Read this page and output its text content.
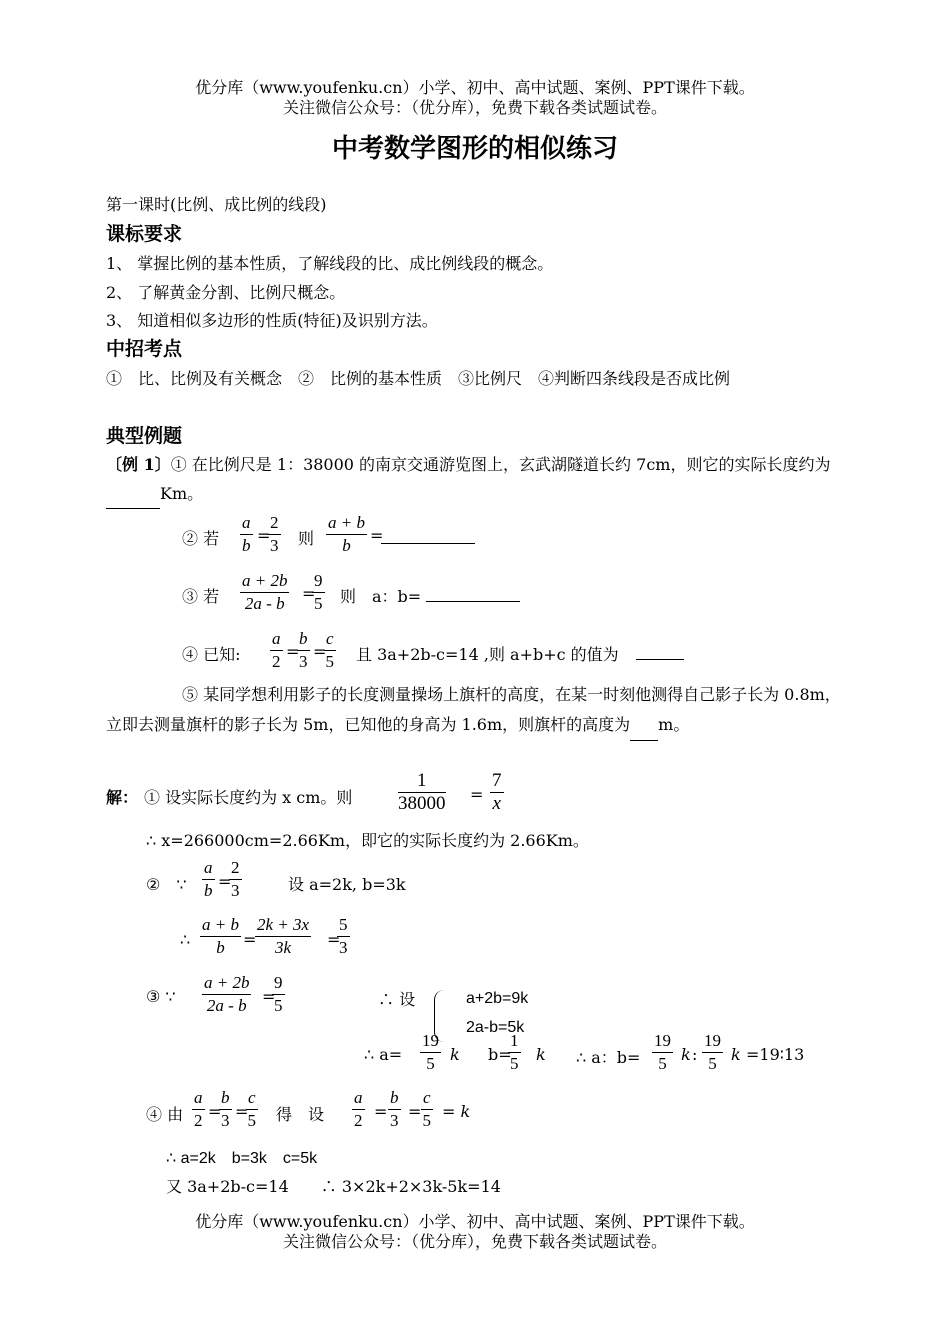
优分库（www.youfenku.cn）小学、初中、高中试题、案例、PPT课件下载。
关注微信公众号：（优分库），免费下载各类试题试卷。
中考数学图形的相似练习
第一课时(比例、成比例的线段)
课标要求
1、 掌握比例的基本性质，了解线段的比、成比例线段的概念。
2、 了解黄金分割、比例尺概念。
3、 知道相似多边形的性质(特征)及识别方法。
中招考点
①　比、比例及有关概念　②　比例的基本性质　③比例尺　④判断四条线段是否成比例
典型例题
〔例 1〕① 在比例尺是 1：38000 的南京交通游览图上，玄武湖隧道长约 7cm，则它的实际长度约为 Km。
② 若 $\frac{a}{b}$ =
$\frac{2}{3}$ 则 $\frac{a + b}{b}$ =

③ 若 $\frac{a + 2b}{2a - b}$ =
$\frac{9}{5}$ 则　a：b=

④ 已知: $\frac{a}{2}$ =
$\frac{b}{3}$ =
$\frac{c}{5}$ 且 3a+2b-c=14 ,则 a+b+c 的值为

⑤ 某同学想利用影子的长度测量操场上旗杆的高度，在某一时刻他测得自己影子长为 0.8m，立即去测量旗杆的影子长为 5m，已知他的身高为 1.6m，则旗杆的高度为 m。
解： ① 设实际长度约为 x cm。则 $\frac{1}{38000} = \frac{7}{x}$
∴ x=266000cm=2.66Km，即它的实际长度约为 2.66Km。
②　∵ $\frac{a}{b}$ =
$\frac{2}{3}$	设 a=2k, b=3k
∴ $\frac{a + b}{b}$ =
$\frac{2k + 3x}{3k}$ =
$\frac{5}{3}$
③ ∵ $\frac{a + 2b}{2a - b}$ =
$\frac{9}{5}$	∴ 设	a+2b=9k
2a-b=5k
∴ $a= \frac{19}{5}$ k b=
$\frac{1}{5}$ k ∴ a：$b= \frac{19}{5}$ k : $\frac{19}{5}$ k =19∶13
④ 由 $\frac{a}{2}$ =
$\frac{b}{3}$ =
$\frac{c}{5}$ 得　设 $\frac{a}{2} = \frac{b}{3} = \frac{c}{5} = k$
∴ a=2k　b=3k　c=5k
又 3a+2b-c=14　　∴ 3×2k+2×3k-5k=14
优分库（www.youfenku.cn）小学、初中、高中试题、案例、PPT课件下载。
关注微信公众号：（优分库），免费下载各类试题试卷。
